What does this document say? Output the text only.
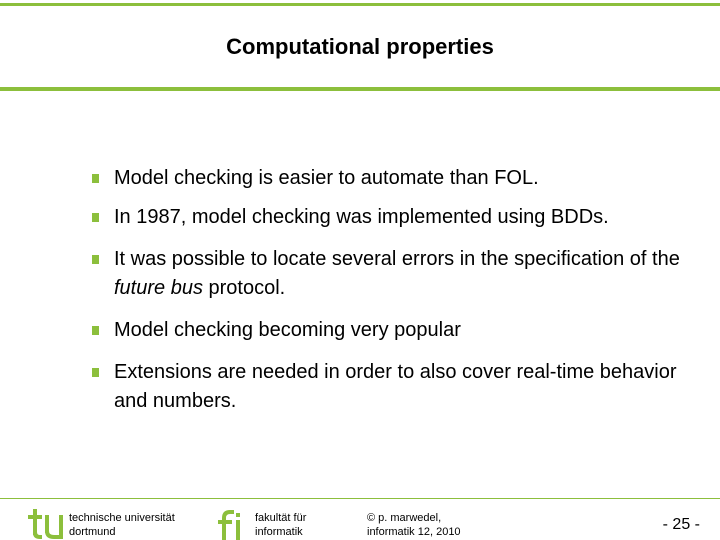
Computational properties
Model checking is easier to automate than FOL.
In 1987, model checking was implemented using BDDs.
It was possible to locate several errors in the specification of the future bus protocol.
Model checking becoming very popular
Extensions are needed in order to also cover real-time behavior and numbers.
technische universität
dortmund
fakultät für
informatik
© p. marwedel,
informatik 12, 2010	- 25 -
